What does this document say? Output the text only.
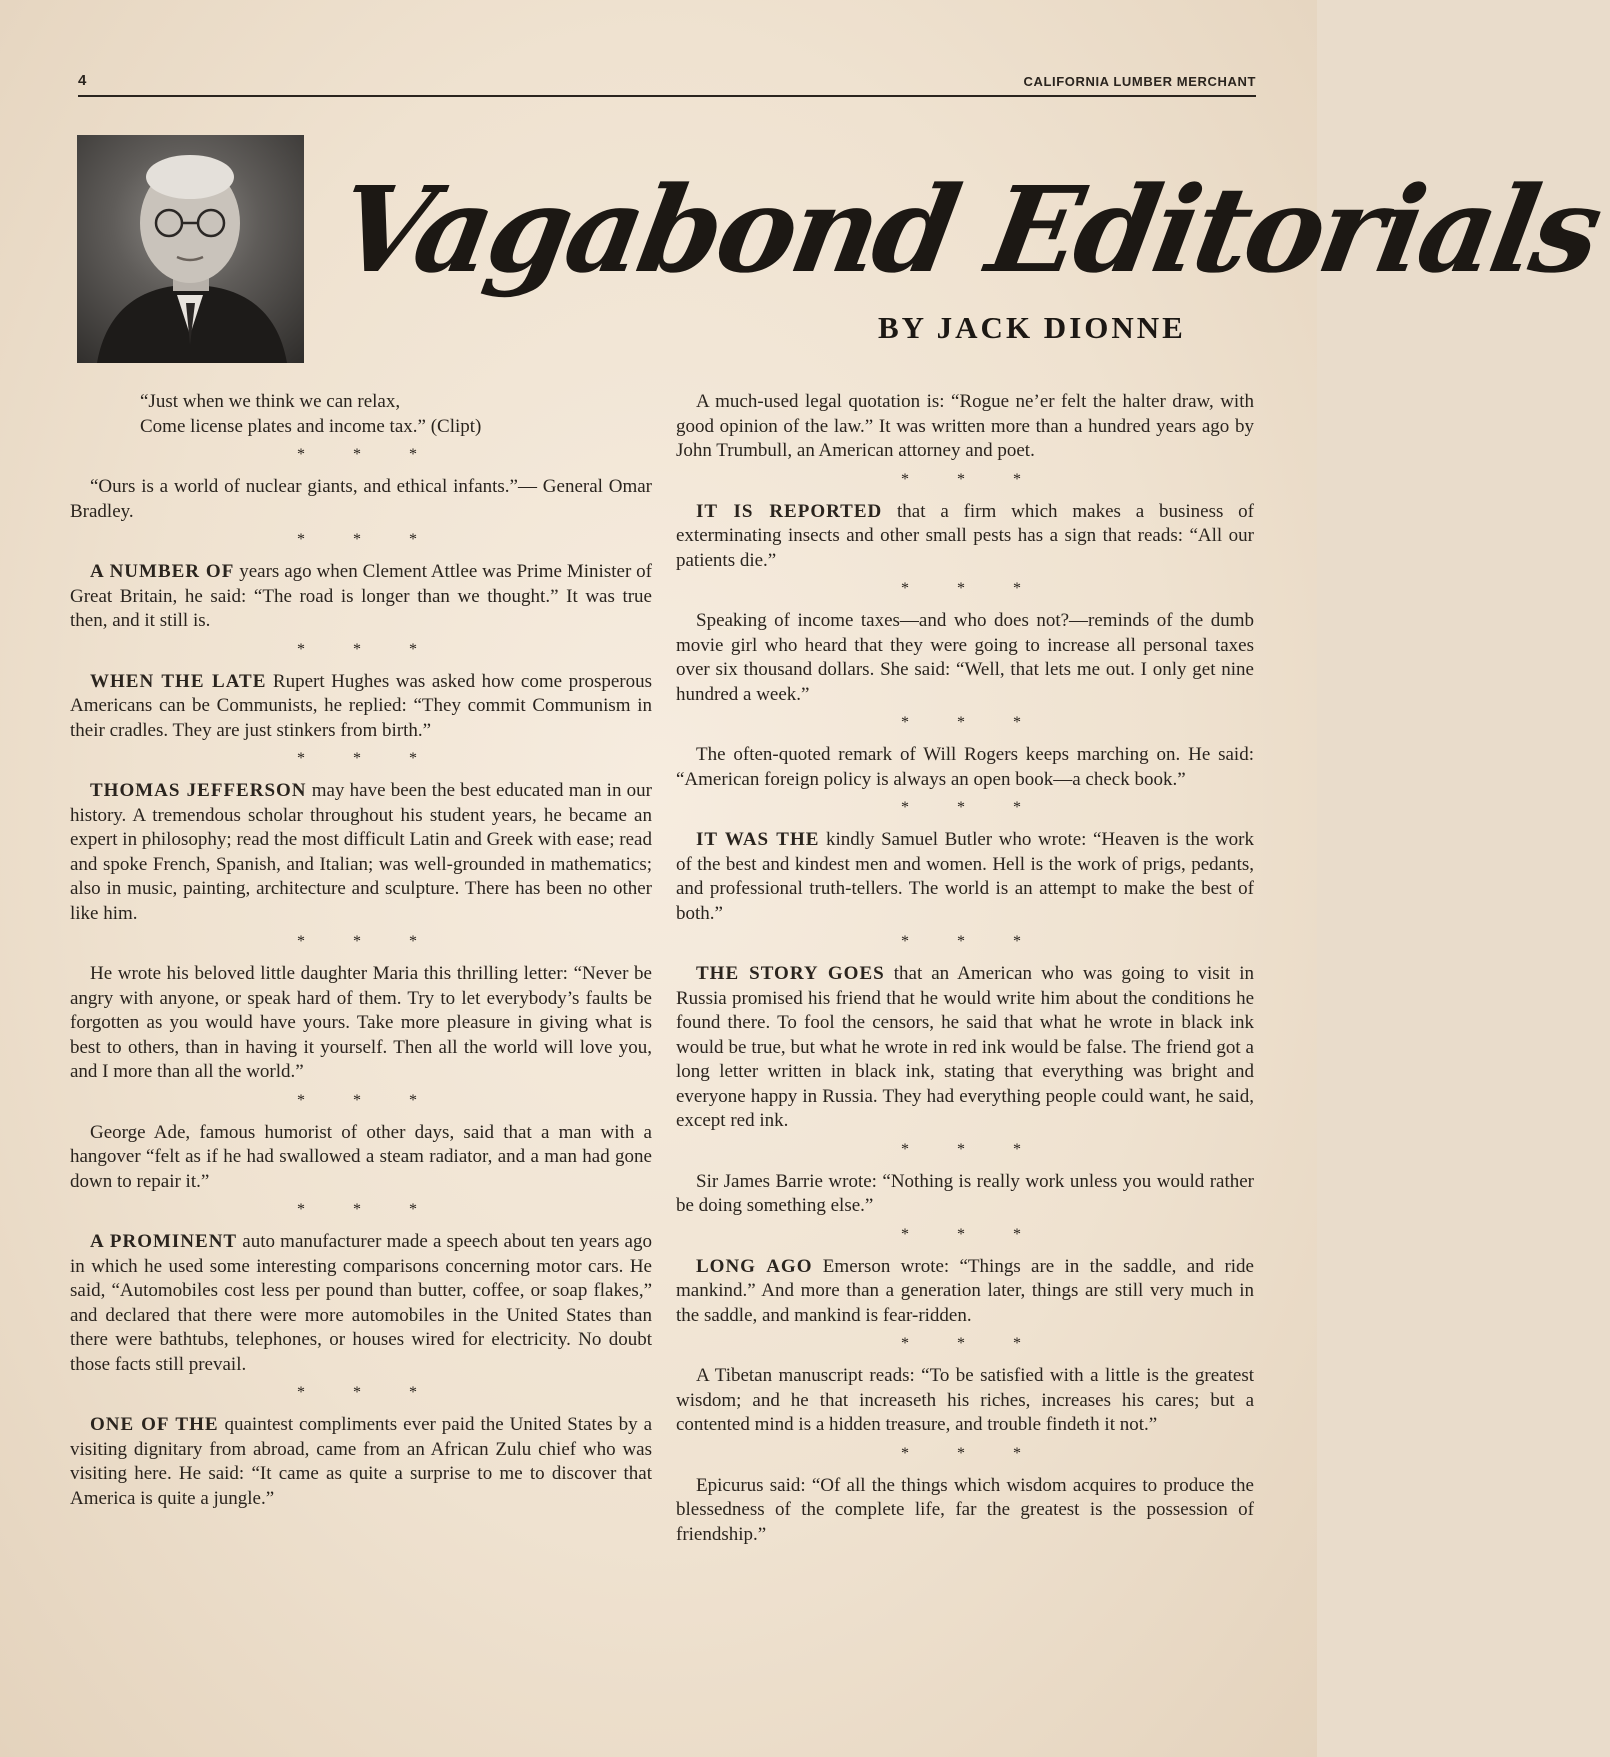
4	CALIFORNIA LUMBER MERCHANT
Vagabond Editorials
BY JACK DIONNE

“Just when we think we can relax,

Come license plates and income tax.” (Clipt)

* * *

“Ours is a world of nuclear giants, and ethical infants.”— General Omar Bradley.

* * *

A NUMBER OF years ago when Clement Attlee was Prime Minister of Great Britain, he said: “The road is longer than we thought.” It was true then, and it still is.

* * *

WHEN THE LATE Rupert Hughes was asked how come prosperous Americans can be Communists, he replied: “They commit Communism in their cradles. They are just stinkers from birth.”

* * *

THOMAS JEFFERSON may have been the best educated man in our history. A tremendous scholar throughout his student years, he became an expert in philosophy; read the most difficult Latin and Greek with ease; read and spoke French, Spanish, and Italian; was well-grounded in mathematics; also in music, painting, architecture and sculpture. There has been no other like him.

* * *

He wrote his beloved little daughter Maria this thrilling letter: “Never be angry with anyone, or speak hard of them. Try to let everybody’s faults be forgotten as you would have yours. Take more pleasure in giving what is best to others, than in having it yourself. Then all the world will love you, and I more than all the world.”

* * *

George Ade, famous humorist of other days, said that a man with a hangover “felt as if he had swallowed a steam radiator, and a man had gone down to repair it.”

* * *

A PROMINENT auto manufacturer made a speech about ten years ago in which he used some interesting comparisons concerning motor cars. He said, “Automobiles cost less per pound than butter, coffee, or soap flakes,” and declared that there were more automobiles in the United States than there were bathtubs, telephones, or houses wired for electricity. No doubt those facts still prevail.

* * *

ONE OF THE quaintest compliments ever paid the United States by a visiting dignitary from abroad, came from an African Zulu chief who was visiting here. He said: “It came as quite a surprise to me to discover that America is quite a jungle.”

A much-used legal quotation is: “Rogue ne’er felt the halter draw, with good opinion of the law.” It was written more than a hundred years ago by John Trumbull, an American attorney and poet.

* * *

IT IS REPORTED that a firm which makes a business of exterminating insects and other small pests has a sign that reads: “All our patients die.”

* * *

Speaking of income taxes—and who does not?—reminds of the dumb movie girl who heard that they were going to increase all personal taxes over six thousand dollars. She said: “Well, that lets me out. I only get nine hundred a week.”

* * *

The often-quoted remark of Will Rogers keeps marching on. He said: “American foreign policy is always an open book—a check book.”

* * *

IT WAS THE kindly Samuel Butler who wrote: “Heaven is the work of the best and kindest men and women. Hell is the work of prigs, pedants, and professional truth-tellers. The world is an attempt to make the best of both.”

* * *

THE STORY GOES that an American who was going to visit in Russia promised his friend that he would write him about the conditions he found there. To fool the censors, he said that what he wrote in black ink would be true, but what he wrote in red ink would be false. The friend got a long letter written in black ink, stating that everything was bright and everyone happy in Russia. They had everything people could want, he said, except red ink.

* * *

Sir James Barrie wrote: “Nothing is really work unless you would rather be doing something else.”

* * *

LONG AGO Emerson wrote: “Things are in the saddle, and ride mankind.” And more than a generation later, things are still very much in the saddle, and mankind is fear-ridden.

* * *

A Tibetan manuscript reads: “To be satisfied with a little is the greatest wisdom; and he that increaseth his riches, increases his cares; but a contented mind is a hidden treasure, and trouble findeth it not.”

* * *

Epicurus said: “Of all the things which wisdom acquires to produce the blessedness of the complete life, far the greatest is the possession of friendship.”
